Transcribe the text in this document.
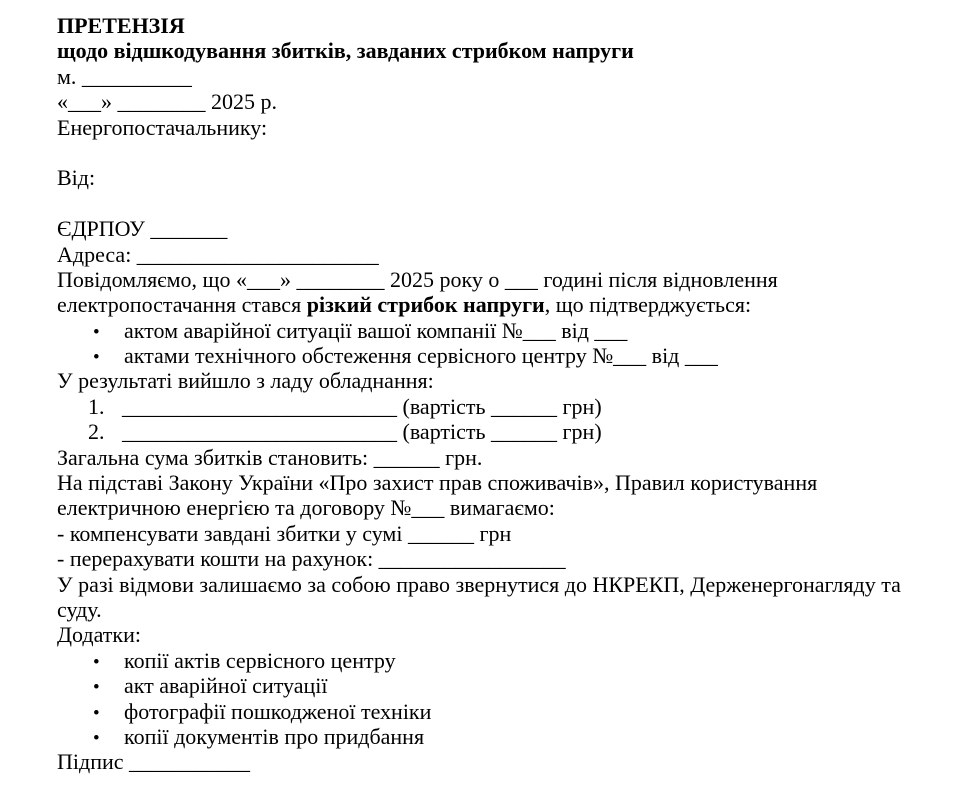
ПРЕТЕНЗІЯ
щодо відшкодування збитків, завданих стрибком напруги
м. __________
«___» ________ 2025 р.
Енергопостачальнику:
Від:
ЄДРПОУ _______
Адреса: ______________________
Повідомляємо, що «___» ________ 2025 року о ___ годині після відновлення
електропостачання стався різкий стрибок напруги, що підтверджується:
• актом аварійної ситуації вашої компанії №___ від ___
• актами технічного обстеження сервісного центру №___ від ___
У результаті вийшло з ладу обладнання:
1. _________________________ (вартість ______ грн)
2. _________________________ (вартість ______ грн)
Загальна сума збитків становить: ______ грн.
На підставі Закону України «Про захист прав споживачів», Правил користування
електричною енергією та договору №___ вимагаємо:
- компенсувати завдані збитки у сумі ______ грн
- перерахувати кошти на рахунок: _________________
У разі відмови залишаємо за собою право звернутися до НКРЕКП, Держенергонагляду та
суду.
Додатки:
• копії актів сервісного центру
• акт аварійної ситуації
• фотографії пошкодженої техніки
• копії документів про придбання
Підпис ___________
